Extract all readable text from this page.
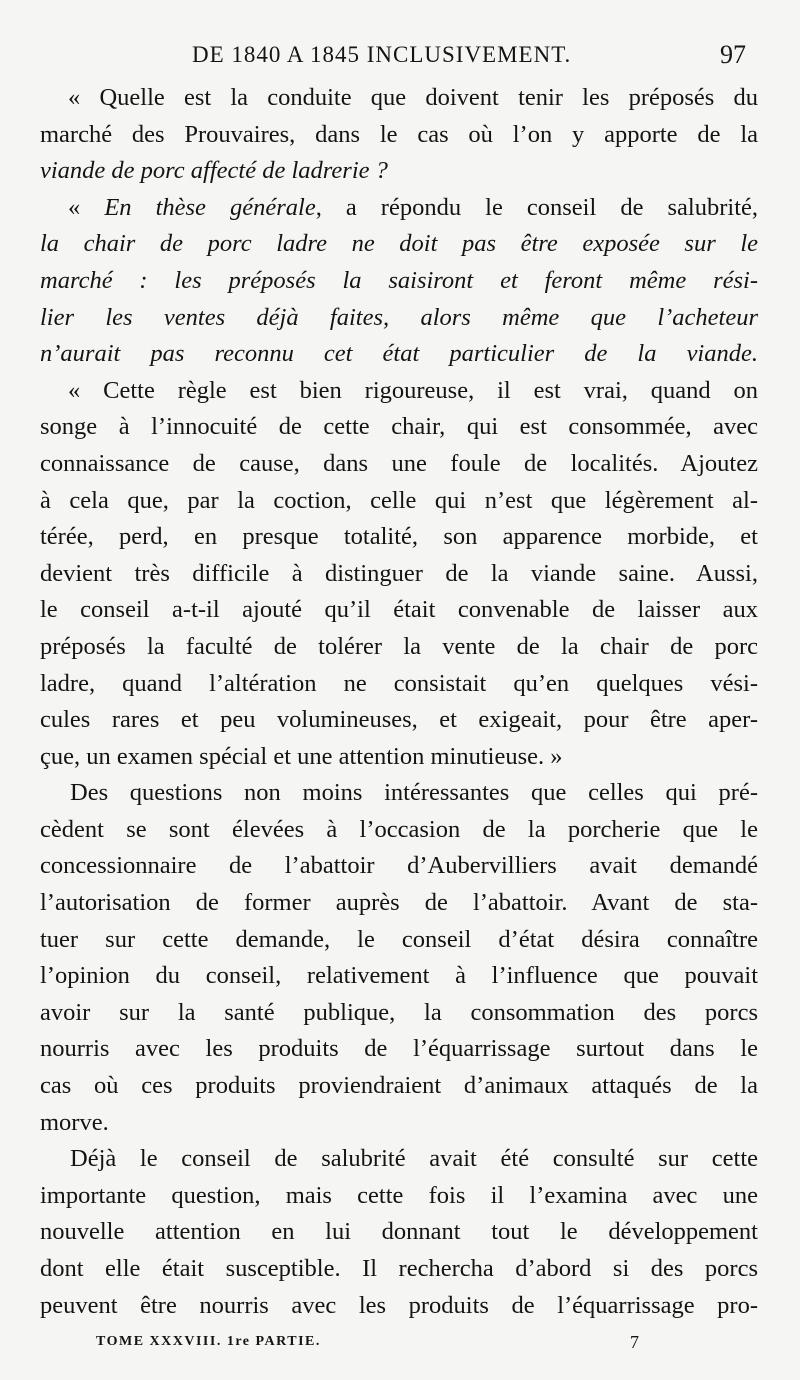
DE 1840 A 1845 INCLUSIVEMENT.	97
« Quelle est la conduite que doivent tenir les préposés du
marché des Prouvaires, dans le cas où l’on y apporte de la
viande de porc affecté de ladrerie ?
« En thèse générale, a répondu le conseil de salubrité,
la chair de porc ladre ne doit pas être exposée sur le
marché : les préposés la saisiront et feront même rési-
lier les ventes déjà faites, alors même que l’acheteur
n’aurait pas reconnu cet état particulier de la viande.
« Cette règle est bien rigoureuse, il est vrai, quand on
songe à l’innocuité de cette chair, qui est consommée, avec
connaissance de cause, dans une foule de localités. Ajoutez
à cela que, par la coction, celle qui n’est que légèrement al-
térée, perd, en presque totalité, son apparence morbide, et
devient très difficile à distinguer de la viande saine. Aussi,
le conseil a-t-il ajouté qu’il était convenable de laisser aux
préposés la faculté de tolérer la vente de la chair de porc
ladre, quand l’altération ne consistait qu’en quelques vési-
cules rares et peu volumineuses, et exigeait, pour être aper-
çue, un examen spécial et une attention minutieuse. »
Des questions non moins intéressantes que celles qui pré-
cèdent se sont élevées à l’occasion de la porcherie que le
concessionnaire de l’abattoir d’Aubervilliers avait demandé
l’autorisation de former auprès de l’abattoir. Avant de sta-
tuer sur cette demande, le conseil d’état désira connaître
l’opinion du conseil, relativement à l’influence que pouvait
avoir sur la santé publique, la consommation des porcs
nourris avec les produits de l’équarrissage surtout dans le
cas où ces produits proviendraient d’animaux attaqués de la
morve.
Déjà le conseil de salubrité avait été consulté sur cette
importante question, mais cette fois il l’examina avec une
nouvelle attention en lui donnant tout le développement
dont elle était susceptible. Il rechercha d’abord si des porcs
peuvent être nourris avec les produits de l’équarrissage pro-
TOME XXXVIII. 1re PARTIE.	7
